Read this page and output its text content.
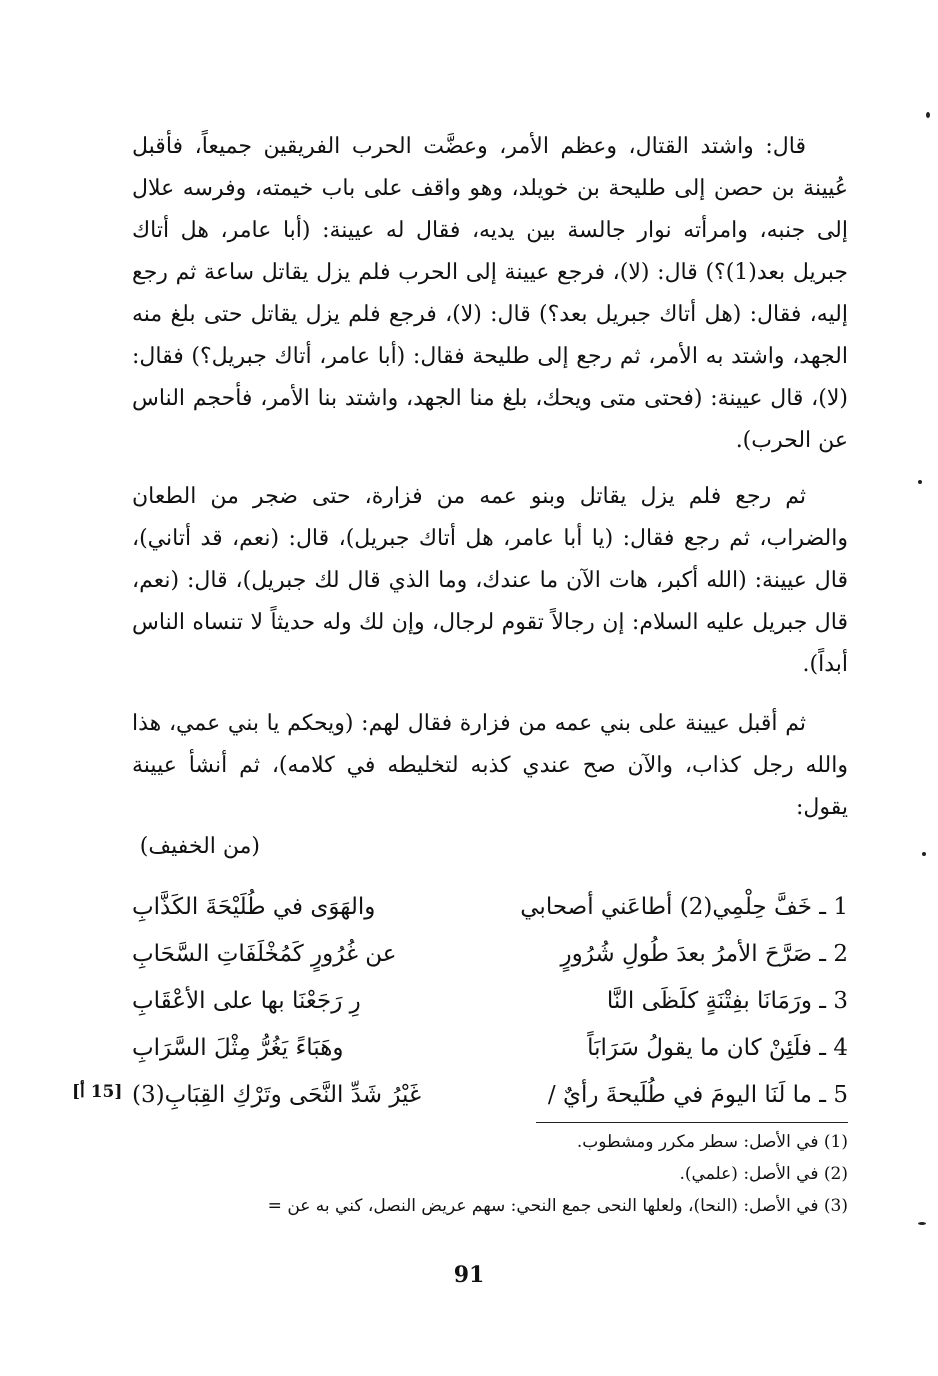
قال: واشتد القتال، وعظم الأمر، وعضَّت الحرب الفريقين جميعاً، فأقبل عُيينة بن حصن إلى طليحة بن خويلد، وهو واقف على باب خيمته، وفرسه علال إلى جنبه، وامرأته نوار جالسة بين يديه، فقال له عيينة: (أبا عامر، هل أتاك جبريل بعد(1)؟) قال: (لا)، فرجع عيينة إلى الحرب فلم يزل يقاتل ساعة ثم رجع إليه، فقال: (هل أتاك جبريل بعد؟) قال: (لا)، فرجع فلم يزل يقاتل حتى بلغ منه الجهد، واشتد به الأمر، ثم رجع إلى طليحة فقال: (أبا عامر، أتاك جبريل؟) فقال: (لا)، قال عيينة: (فحتى متى ويحك، بلغ منا الجهد، واشتد بنا الأمر، فأحجم الناس عن الحرب).

ثم رجع فلم يزل يقاتل وبنو عمه من فزارة، حتى ضجر من الطعان والضراب، ثم رجع فقال: (يا أبا عامر، هل أتاك جبريل)، قال: (نعم، قد أتاني)، قال عيينة: (الله أكبر، هات الآن ما عندك، وما الذي قال لك جبريل)، قال: (نعم، قال جبريل عليه السلام: إن رجالاً تقوم لرجال، وإن لك وله حديثاً لا تنساه الناس أبداً).

ثم أقبل عيينة على بني عمه من فزارة فقال لهم: (ويحكم يا بني عمي، هذا والله رجل كذاب، والآن صح عندي كذبه لتخليطه في كلامه)، ثم أنشأ عيينة يقول:

(من الخفيف)
1 ـ خَفَّ حِلْمِي(2) أطاعَني أصحابي
والهَوَى في طُلَيْحَةَ الكَذَّابِ
2 ـ صَرَّحَ الأمرُ بعدَ طُولِ شُرُورٍ
عن غُرُورٍ كَمُخْلَفَاتِ السَّحَابِ
3 ـ ورَمَانَا بفِتْنَةٍ كلَظَى النَّا
رِ رَجَعْنَا بها على الأعْقَابِ
4 ـ فلَئِنْ كان ما يقولُ سَرَابَاً
وهَبَاءً يَغُرُّ مِثْلَ السَّرَابِ
5 ـ ما لَنَا اليومَ في طُلَيحةَ رأيٌ /
غَيْرُ شَدِّ النَّحَى وتَرْكِ القِبَابِ(3)
[15 أ]
(1) في الأصل: سطر مكرر ومشطوب.
(2) في الأصل: (علمي).
(3) في الأصل: (النحا)، ولعلها النحى جمع النحي: سهم عريض النصل، كني به عن =
91
